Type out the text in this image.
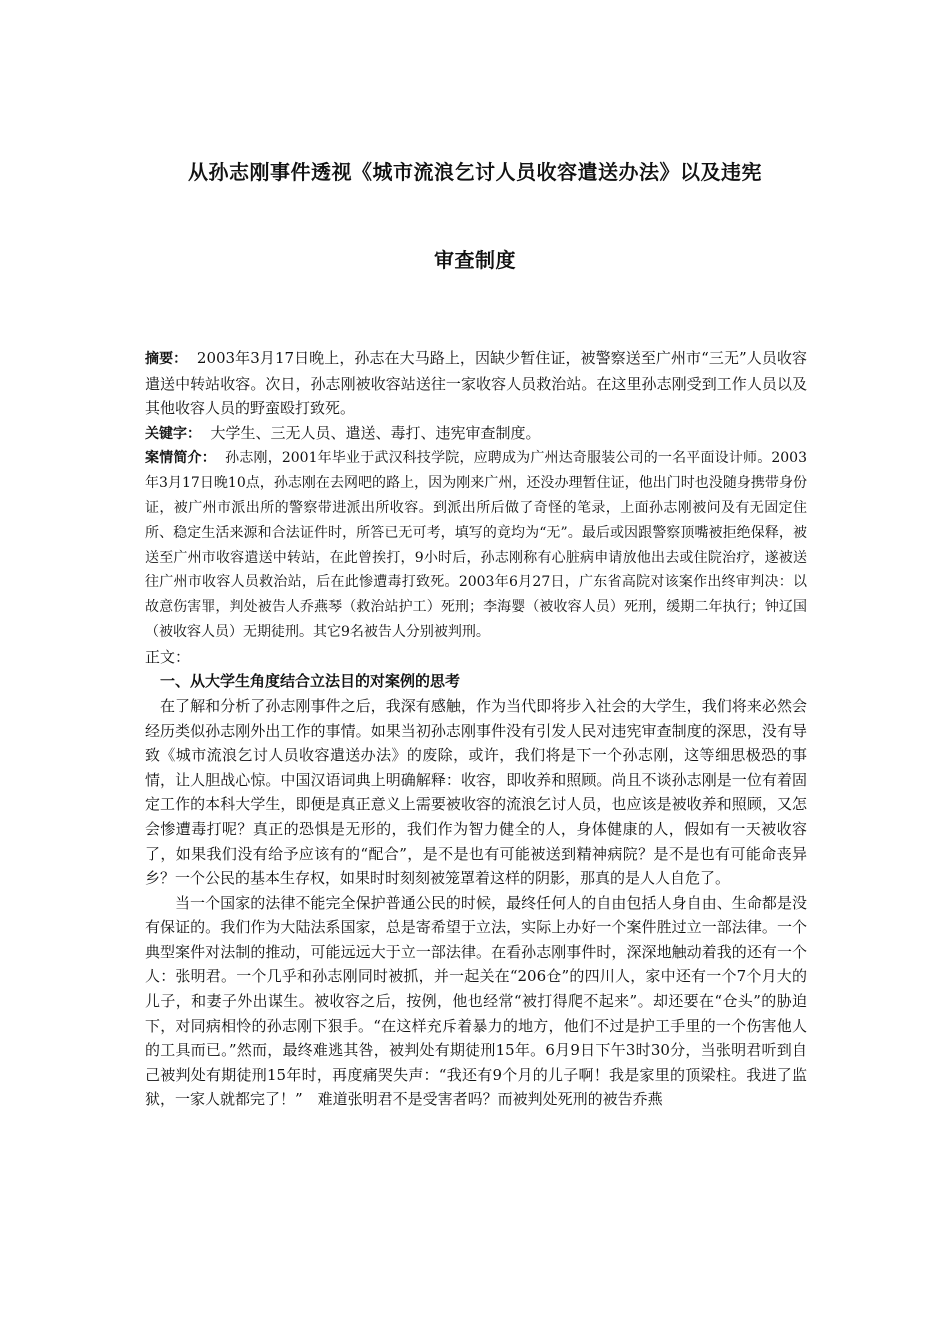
从孙志刚事件透视《城市流浪乞讨人员收容遣送办法》以及违宪
审查制度

摘要： 2003年3月17日晚上，孙志在大马路上，因缺少暂住证，被警察送至广州市“三无”人员收容遣送中转站收容。次日，孙志刚被收容站送往一家收容人员救治站。在这里孙志刚受到工作人员以及其他收容人员的野蛮殴打致死。

关键字： 大学生、三无人员、遣送、毒打、违宪审查制度。

案情简介： 孙志刚，2001年毕业于武汉科技学院，应聘成为广州达奇服装公司的一名平面设计师。2003年3月17日晚10点，孙志刚在去网吧的路上，因为刚来广州，还没办理暂住证，他出门时也没随身携带身份证，被广州市派出所的警察带进派出所收容。到派出所后做了奇怪的笔录，上面孙志刚被问及有无固定住所、稳定生活来源和合法证件时，所答已无可考，填写的竟均为“无”。最后或因跟警察顶嘴被拒绝保释，被送至广州市收容遣送中转站，在此曾挨打，9小时后，孙志刚称有心脏病申请放他出去或住院治疗，遂被送往广州市收容人员救治站，后在此惨遭毒打致死。2003年6月27日，广东省高院对该案作出终审判决：以故意伤害罪，判处被告人乔燕琴（救治站护工）死刑；李海婴（被收容人员）死刑，缓期二年执行；钟辽国（被收容人员）无期徒刑。其它9名被告人分别被判刑。

正文：

一、从大学生角度结合立法目的对案例的思考

在了解和分析了孙志刚事件之后，我深有感触，作为当代即将步入社会的大学生，我们将来必然会经历类似孙志刚外出工作的事情。如果当初孙志刚事件没有引发人民对违宪审查制度的深思，没有导致《城市流浪乞讨人员收容遣送办法》的废除，或许，我们将是下一个孙志刚，这等细思极恐的事情，让人胆战心惊。中国汉语词典上明确解释：收容，即收养和照顾。尚且不谈孙志刚是一位有着固定工作的本科大学生，即便是真正意义上需要被收容的流浪乞讨人员，也应该是被收养和照顾，又怎会惨遭毒打呢？真正的恐惧是无形的，我们作为智力健全的人，身体健康的人，假如有一天被收容了，如果我们没有给予应该有的“配合”，是不是也有可能被送到精神病院？是不是也有可能命丧异乡？一个公民的基本生存权，如果时时刻刻被笼罩着这样的阴影，那真的是人人自危了。

当一个国家的法律不能完全保护普通公民的时候，最终任何人的自由包括人身自由、生命都是没有保证的。我们作为大陆法系国家，总是寄希望于立法，实际上办好一个案件胜过立一部法律。一个典型案件对法制的推动，可能远远大于立一部法律。在看孙志刚事件时，深深地触动着我的还有一个人：张明君。一个几乎和孙志刚同时被抓，并一起关在“206仓”的四川人，家中还有一个7个月大的儿子，和妻子外出谋生。被收容之后，按例，他也经常“被打得爬不起来”。却还要在“仓头”的胁迫下，对同病相怜的孙志刚下狠手。“在这样充斥着暴力的地方，他们不过是护工手里的一个伤害他人的工具而已。”然而，最终难逃其咎，被判处有期徒刑15年。6月9日下午3时30分，当张明君听到自己被判处有期徒刑15年时，再度痛哭失声：“我还有9个月的儿子啊！我是家里的顶梁柱。我进了监狱，一家人就都完了！”　难道张明君不是受害者吗？而被判处死刑的被告乔燕
